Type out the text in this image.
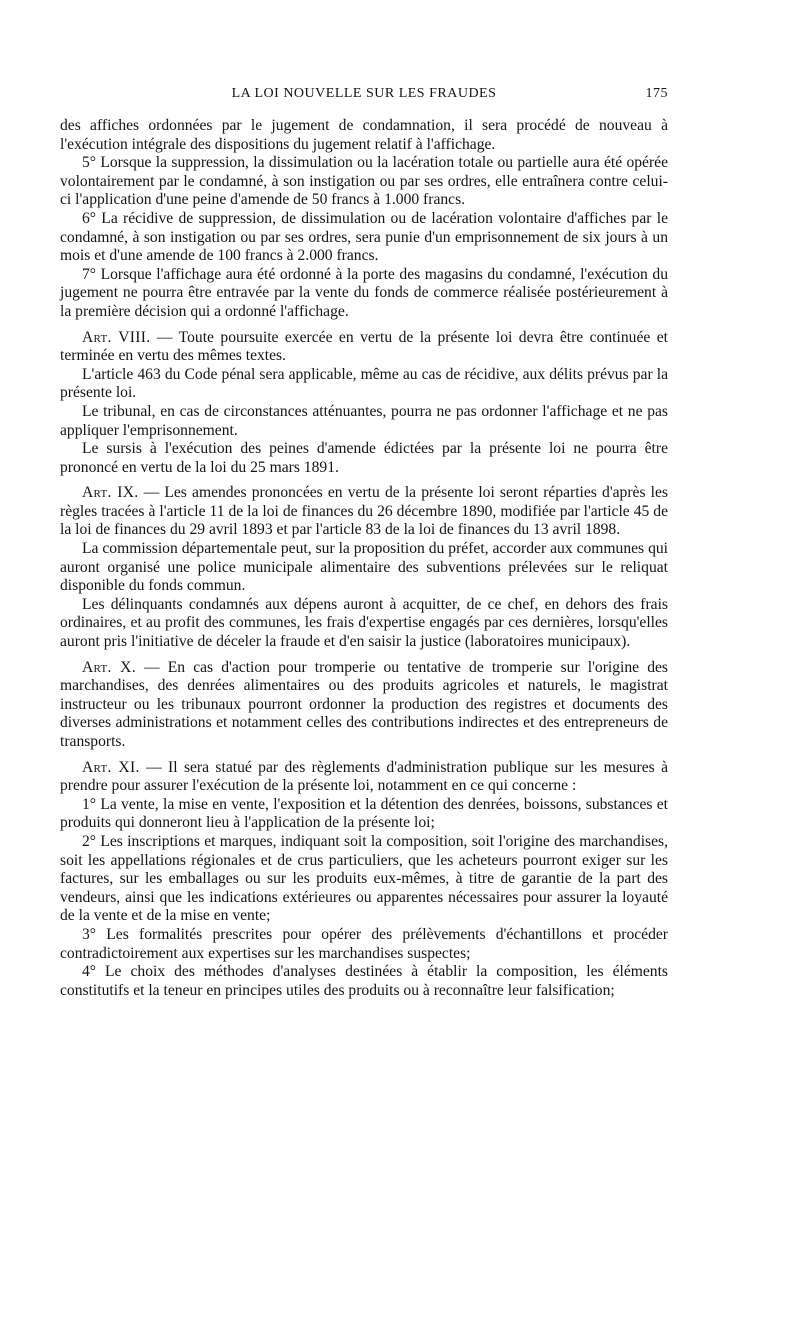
LA LOI NOUVELLE SUR LES FRAUDES	175

des affiches ordonnées par le jugement de condamnation, il sera procédé de nouveau à l'exécution intégrale des dispositions du jugement relatif à l'affichage.

5° Lorsque la suppression, la dissimulation ou la lacération totale ou partielle aura été opérée volontairement par le condamné, à son instigation ou par ses ordres, elle entraînera contre celui-ci l'application d'une peine d'amende de 50 francs à 1.000 francs.

6° La récidive de suppression, de dissimulation ou de lacération volontaire d'affiches par le condamné, à son instigation ou par ses ordres, sera punie d'un emprisonnement de six jours à un mois et d'une amende de 100 francs à 2.000 francs.

7° Lorsque l'affichage aura été ordonné à la porte des magasins du condamné, l'exécution du jugement ne pourra être entravée par la vente du fonds de commerce réalisée postérieurement à la première décision qui a ordonné l'affichage.

Art. VIII. — Toute poursuite exercée en vertu de la présente loi devra être continuée et terminée en vertu des mêmes textes.

L'article 463 du Code pénal sera applicable, même au cas de récidive, aux délits prévus par la présente loi.

Le tribunal, en cas de circonstances atténuantes, pourra ne pas ordonner l'affichage et ne pas appliquer l'emprisonnement.

Le sursis à l'exécution des peines d'amende édictées par la présente loi ne pourra être prononcé en vertu de la loi du 25 mars 1891.

Art. IX. — Les amendes prononcées en vertu de la présente loi seront réparties d'après les règles tracées à l'article 11 de la loi de finances du 26 décembre 1890, modifiée par l'article 45 de la loi de finances du 29 avril 1893 et par l'article 83 de la loi de finances du 13 avril 1898.

La commission départementale peut, sur la proposition du préfet, accorder aux communes qui auront organisé une police municipale alimentaire des subventions prélevées sur le reliquat disponible du fonds commun.

Les délinquants condamnés aux dépens auront à acquitter, de ce chef, en dehors des frais ordinaires, et au profit des communes, les frais d'expertise engagés par ces dernières, lorsqu'elles auront pris l'initiative de déceler la fraude et d'en saisir la justice (laboratoires municipaux).

Art. X. — En cas d'action pour tromperie ou tentative de tromperie sur l'origine des marchandises, des denrées alimentaires ou des produits agricoles et naturels, le magistrat instructeur ou les tribunaux pourront ordonner la production des registres et documents des diverses administrations et notamment celles des contributions indirectes et des entrepreneurs de transports.

Art. XI. — Il sera statué par des règlements d'administration publique sur les mesures à prendre pour assurer l'exécution de la présente loi, notamment en ce qui concerne :

1° La vente, la mise en vente, l'exposition et la détention des denrées, boissons, substances et produits qui donneront lieu à l'application de la présente loi;

2° Les inscriptions et marques, indiquant soit la composition, soit l'origine des marchandises, soit les appellations régionales et de crus particuliers, que les acheteurs pourront exiger sur les factures, sur les emballages ou sur les produits eux-mêmes, à titre de garantie de la part des vendeurs, ainsi que les indications extérieures ou apparentes nécessaires pour assurer la loyauté de la vente et de la mise en vente;

3° Les formalités prescrites pour opérer des prélèvements d'échantillons et procéder contradictoirement aux expertises sur les marchandises suspectes;

4° Le choix des méthodes d'analyses destinées à établir la composition, les éléments constitutifs et la teneur en principes utiles des produits ou à reconnaître leur falsification;
